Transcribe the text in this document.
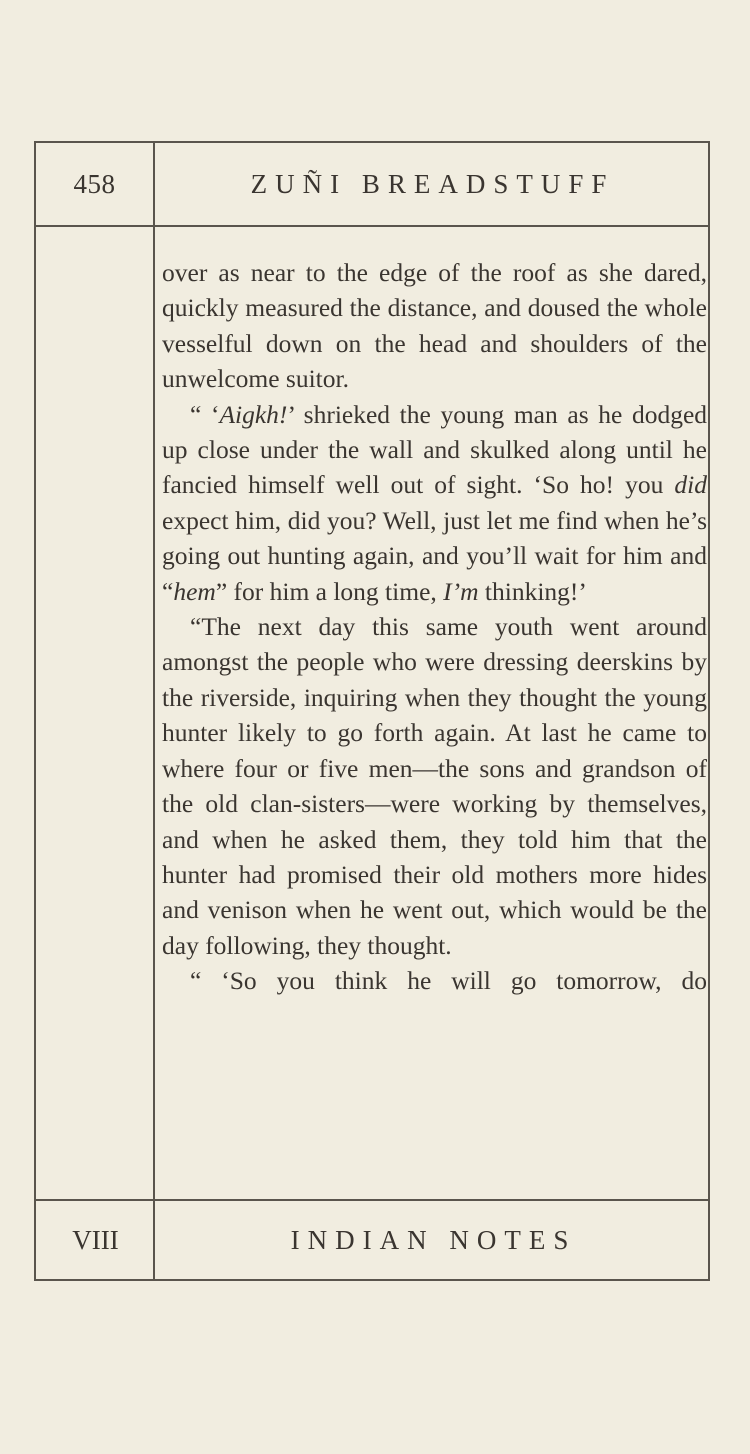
458	ZUÑI BREADSTUFF

over as near to the edge of the roof as she dared, quickly measured the distance, and doused the whole vesselful down on the head and shoulders of the unwelcome suitor.

“ ‘Aigkh!’ shrieked the young man as he dodged up close under the wall and skulked along until he fancied himself well out of sight. ‘So ho! you did expect him, did you? Well, just let me find when he’s going out hunting again, and you’ll wait for him and “hem” for him a long time, I’m thinking!’

“The next day this same youth went around amongst the people who were dressing deerskins by the riverside, inquiring when they thought the young hunter likely to go forth again. At last he came to where four or five men—the sons and grandson of the old clan-sisters—were working by themselves, and when he asked them, they told him that the hunter had promised their old mothers more hides and venison when he went out, which would be the day following, they thought.

“ ‘So you think he will go tomorrow, do

VIII	INDIAN NOTES
